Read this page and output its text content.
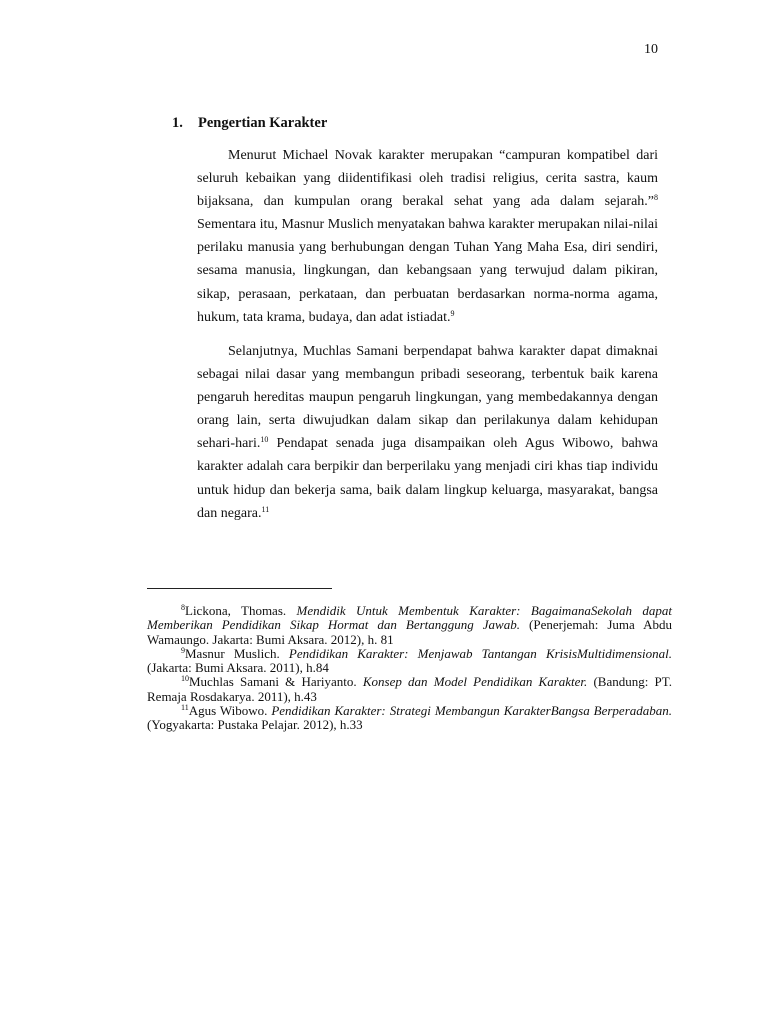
10
1. Pengertian Karakter

Menurut Michael Novak karakter merupakan “campuran kompatibel dari seluruh kebaikan yang diidentifikasi oleh tradisi religius, cerita sastra, kaum bijaksana, dan kumpulan orang berakal sehat yang ada dalam sejarah.”$^8$ Sementara itu, Masnur Muslich menyatakan bahwa karakter merupakan nilai-nilai perilaku manusia yang berhubungan dengan Tuhan Yang Maha Esa, diri sendiri, sesama manusia, lingkungan, dan kebangsaan yang terwujud dalam pikiran, sikap, perasaan, perkataan, dan perbuatan berdasarkan norma-norma agama, hukum, tata krama, budaya, dan adat istiadat.$^9$

Selanjutnya, Muchlas Samani berpendapat bahwa karakter dapat dimaknai sebagai nilai dasar yang membangun pribadi seseorang, terbentuk baik karena pengaruh hereditas maupun pengaruh lingkungan, yang membedakannya dengan orang lain, serta diwujudkan dalam sikap dan perilakunya dalam kehidupan sehari-hari.$^{10}$ Pendapat senada juga disampaikan oleh Agus Wibowo, bahwa karakter adalah cara berpikir dan berperilaku yang menjadi ciri khas tiap individu untuk hidup dan bekerja sama, baik dalam lingkup keluarga, masyarakat, bangsa dan negara.$^{11}$

$^8$Lickona, Thomas. Mendidik Untuk Membentuk Karakter: BagaimanaSekolah dapat Memberikan Pendidikan Sikap Hormat dan Bertanggung Jawab. (Penerjemah: Juma Abdu Wamaungo. Jakarta: Bumi Aksara. 2012), h. 81

$^9$Masnur Muslich. Pendidikan Karakter: Menjawab Tantangan KrisisMultidimensional.

(Jakarta: Bumi Aksara. 2011), h.84

$^{10}$Muchlas Samani & Hariyanto. Konsep dan Model Pendidikan Karakter. (Bandung: PT. Remaja Rosdakarya. 2011), h.43

$^{11}$Agus Wibowo. Pendidikan Karakter: Strategi Membangun KarakterBangsa Berperadaban. (Yogyakarta: Pustaka Pelajar. 2012), h.33
